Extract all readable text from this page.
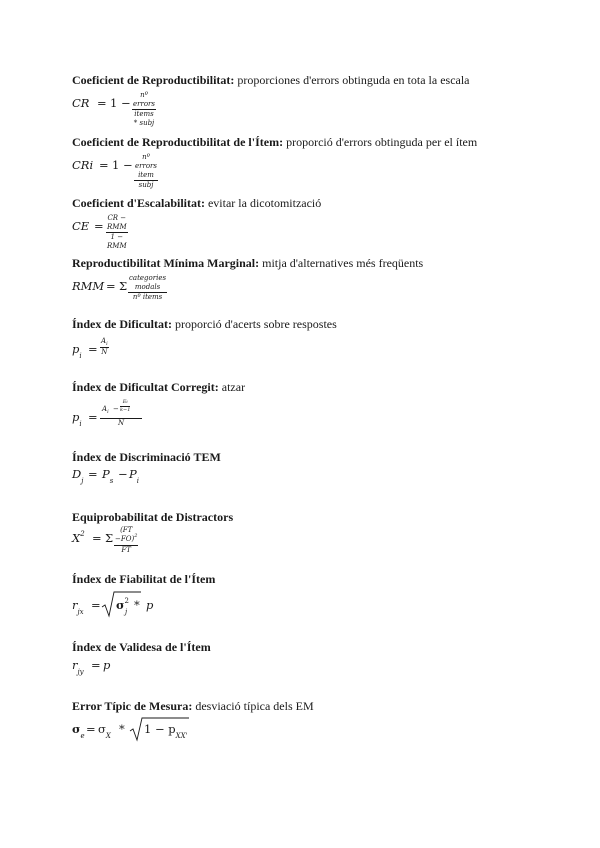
Coeficient de Reproductibilitat: proporciones d'errors obtinguda en tota la escala
CR = 1 −
nº errors
items * subj
Coeficient de Reproductibilitat de l'Ítem: proporció d'errors obtinguda per el ítem
CRi = 1 −
nº errors item
subj
Coeficient d'Escalabilitat: evitar la dicotomització
CE =
CR − RMM
1 − RMM
Reproductibilitat Mínima Marginal: mitja d'alternatives més freqüents
RMM = Σ
categories modals
nº items
Índex de Dificultat: proporció d'acerts sobre respostes
$p_i = \frac{A_i}{N}$
Índex de Dificultat Corregit: atzar
$p_i = A_i$ −
Ei
k−1
N
Índex de Discriminació TEM
$D_j = P_s - P_i$
Equiprobabilitat de Distractors
$X^2 = \Sigma \frac{(FT -FO)^2}{FT}$
Índex de Fiabilitat de l'Ítem
$r_{jx} = \sigma^2_j * p$
Índex de Validesa de l'Ítem
$r_{jy} = p$
Error Típic de Mesura: desviació típica dels EM
$\sigma_e = \sigma_X * 1 - p_{XX'}$
